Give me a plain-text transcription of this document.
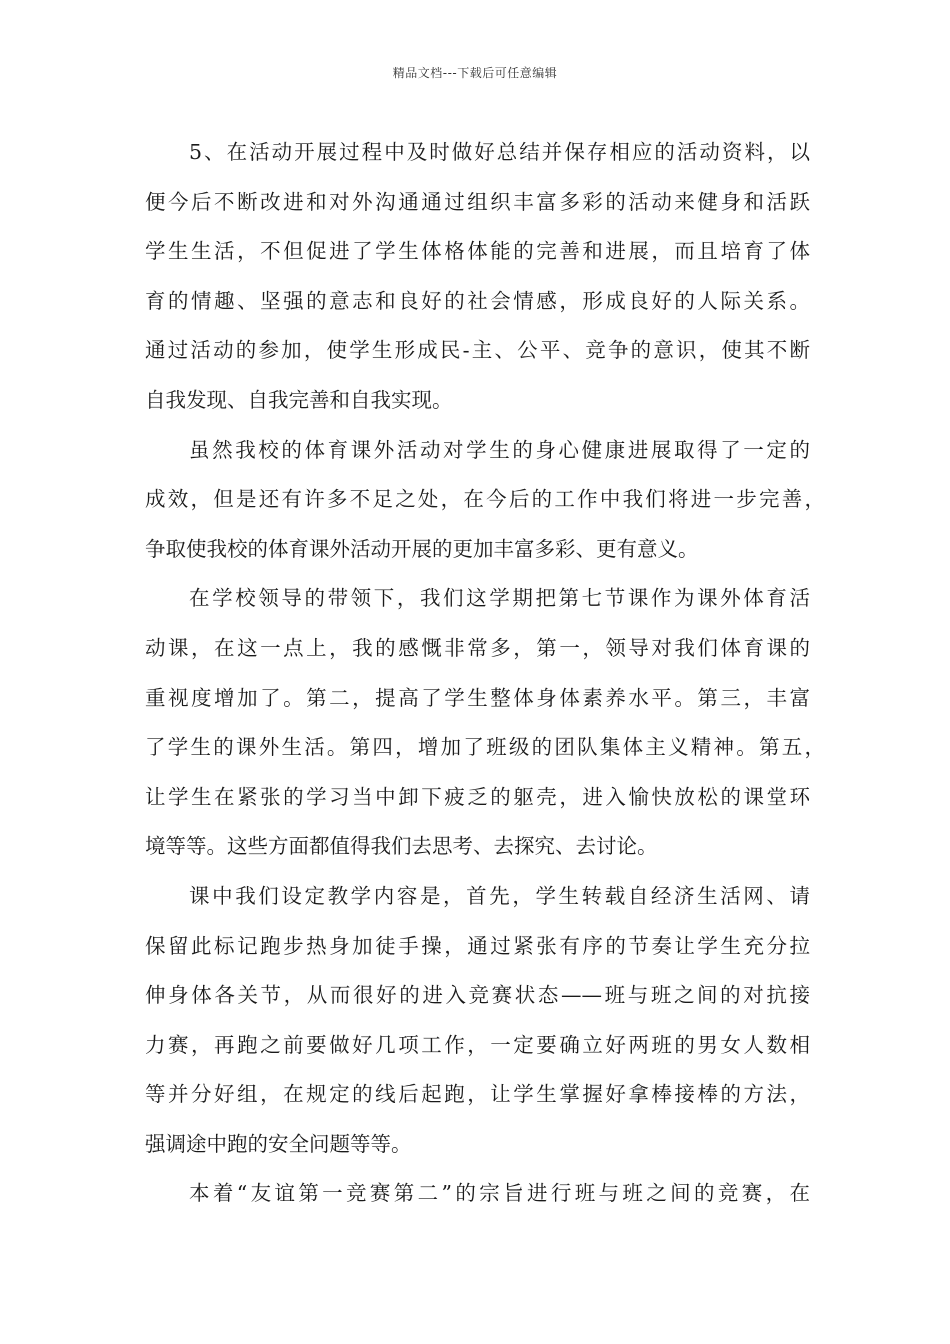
精品文档---下载后可任意编辑
5、在活动开展过程中及时做好总结并保存相应的活动资料，以
便今后不断改进和对外沟通通过组织丰富多彩的活动来健身和活跃
学生生活，不但促进了学生体格体能的完善和进展，而且培育了体
育的情趣、坚强的意志和良好的社会情感，形成良好的人际关系。
通过活动的参加，使学生形成民-主、公平、竞争的意识，使其不断
自我发现、自我完善和自我实现。
虽然我校的体育课外活动对学生的身心健康进展取得了一定的
成效，但是还有许多不足之处，在今后的工作中我们将进一步完善，
争取使我校的体育课外活动开展的更加丰富多彩、更有意义。
在学校领导的带领下，我们这学期把第七节课作为课外体育活
动课，在这一点上，我的感慨非常多，第一，领导对我们体育课的
重视度增加了。第二，提高了学生整体身体素养水平。第三，丰富
了学生的课外生活。第四，增加了班级的团队集体主义精神。第五，
让学生在紧张的学习当中卸下疲乏的躯壳，进入愉快放松的课堂环
境等等。这些方面都值得我们去思考、去探究、去讨论。
课中我们设定教学内容是，首先，学生转载自经济生活网、请
保留此标记跑步热身加徒手操，通过紧张有序的节奏让学生充分拉
伸身体各关节，从而很好的进入竞赛状态——班与班之间的对抗接
力赛，再跑之前要做好几项工作，一定要确立好两班的男女人数相
等并分好组，在规定的线后起跑，让学生掌握好拿棒接棒的方法，
强调途中跑的安全问题等等。
本着“友谊第一竞赛第二”的宗旨进行班与班之间的竞赛，在
